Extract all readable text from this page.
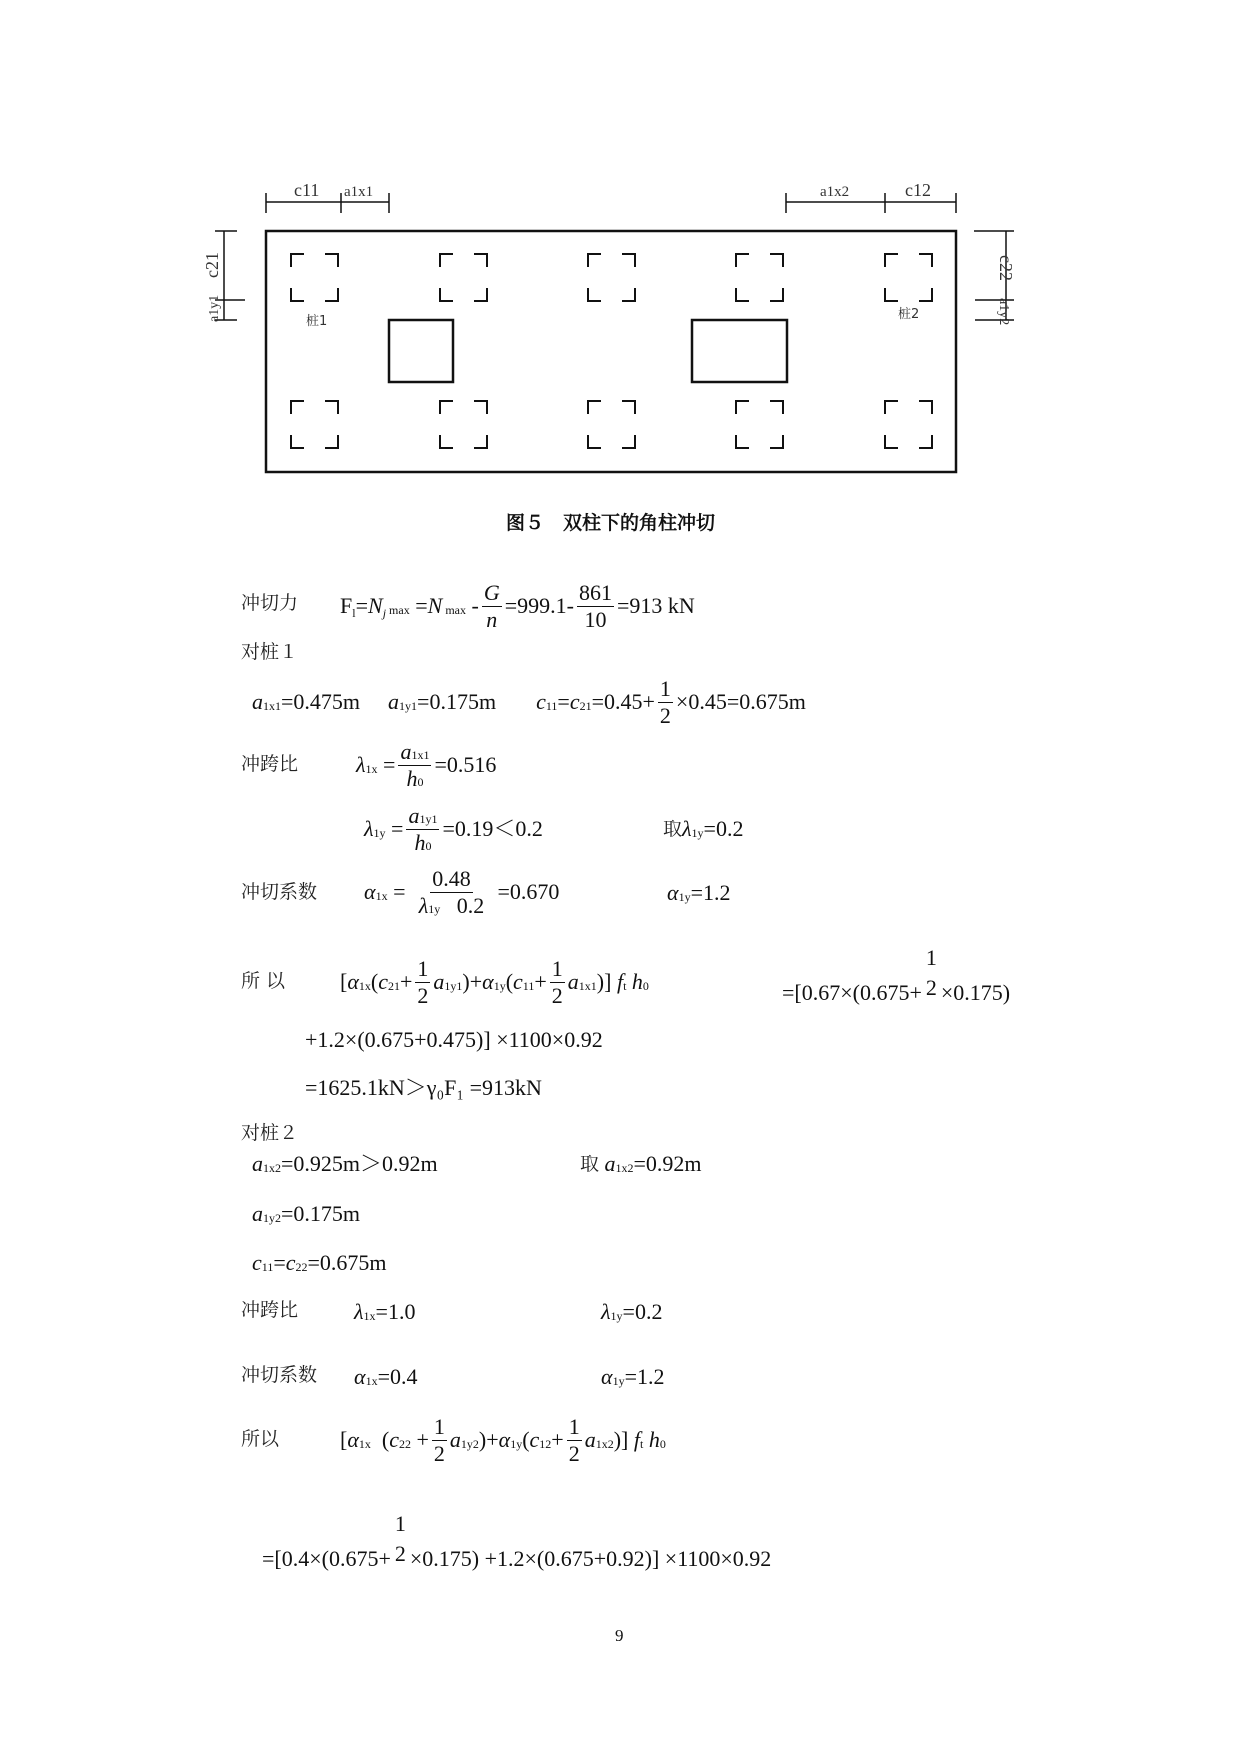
c11 a1x1	a1x2	c12
c21
a1y1
c22
a1y2
桩1	桩2
图５　双柱下的角柱冲切
冲切力 Fl= Nj max = N $\max - \frac{G}{n} =999.1- \frac{861}{10} =913$ kN
对桩１
a 1x1 =0.475m a 1y1 =0.175m c 11 = c $21 =0.45+ \frac{1}{2} \times 0.45=0.675m$
冲跨比	λ $1x = \frac{a1x1}{h0} =0.516$
λ $1y = \frac{a1y1}{h0} =0.19<0.2$	取 λ 1y =0.2
冲切系数 α $1x = \frac{0.48}{\lambda 1y 0.2} =0.670$	α 1y =1.2
所 以 [ α 1x ( c $21 + \frac{1}{2}$ a 1y1 )+ α 1y ( c $11 + \frac{1}{2}$ a 1x1 )] f t h 0	=[0.67×(0.675+
1
2 ×0.175)
+1.2×(0.675+0.475)] ×1100×0.92
=1625.1kN＞γ₀F₁ =913kN
对桩２
a 1x2 =0.925m＞0.92m	取 a 1x2 =0.92m
a 1y2 =0.175m
c 11 = c 22 =0.675m
冲跨比	λ 1x =1.0	λ 1y =0.2
冲切系数 α 1x =0.4	α 1y =1.2
所以	[ α 1x ( c $22 + \frac{1}{2}$ a 1y2 )+ α 1y ( c $12 + \frac{1}{2}$ a 1x2 )] f t h 0
=[0.4×(0.675+
1
2 ×0.175) +1.2×(0.675+0.92)] ×1100×0.92
9
